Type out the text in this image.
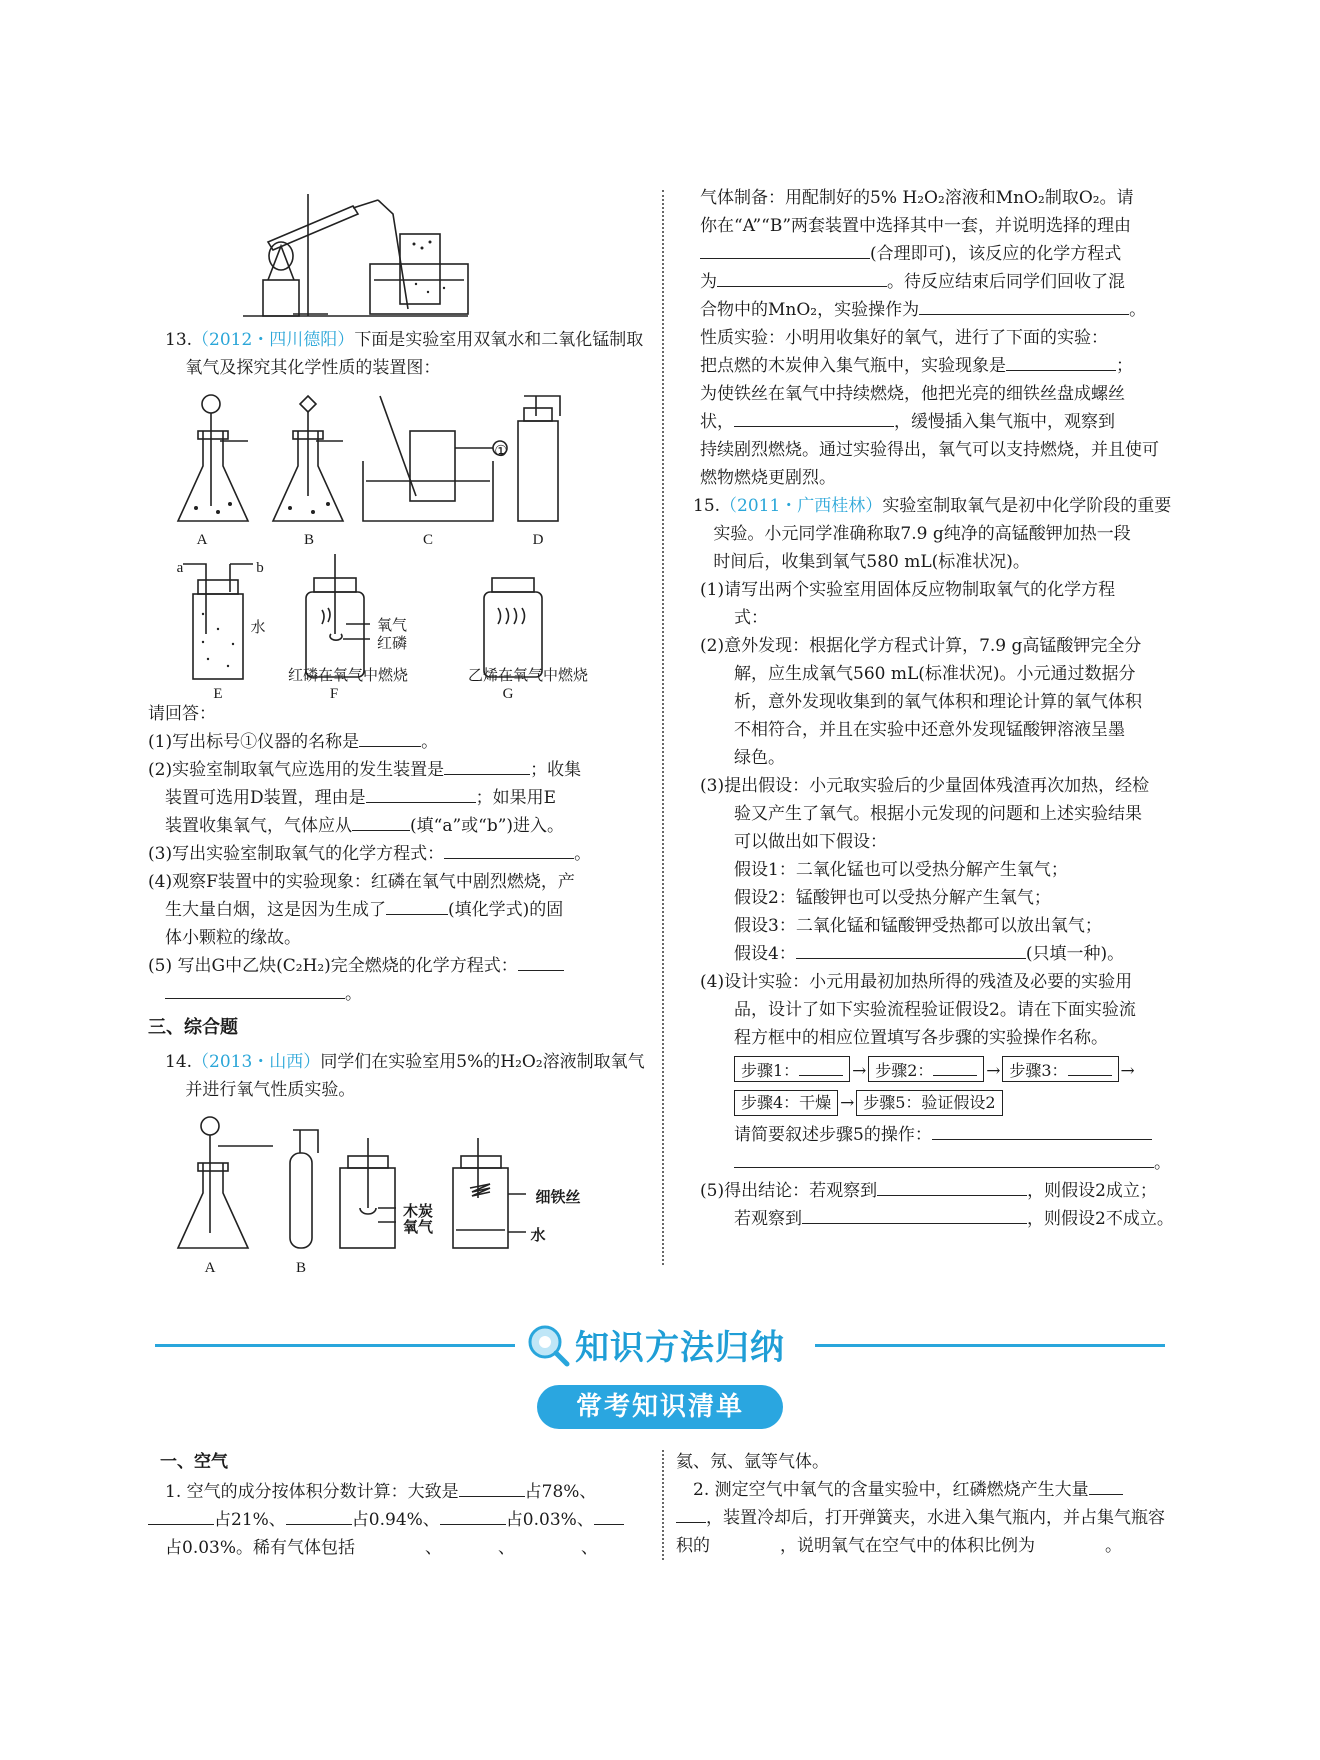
13.（2012・四川德阳）下面是实验室用双氧水和二氧化锰制取
氧气及探究其化学性质的装置图：

A	B	C	D
①
a	b
水	氧气
红磷
E	F	G
红磷在氧气中燃烧	乙烯在氧气中燃烧

请回答：

(1)写出标号①仪器的名称是	。

(2)实验室制取氧气应选用的发生装置是	；收集
装置可选用D装置，理由是	；如果用E
装置收集氧气，气体应从	(填“a”或“b”)进入。

(3)写出实验室制取氧气的化学方程式：	。

(4)观察F装置中的实验现象：红磷在氧气中剧烈燃烧，产
生大量白烟，这是因为生成了	(填化学式)的固
体小颗粒的缘故。

(5) 写出G中乙炔(C₂H₂)完全燃烧的化学方程式：
。

三、综合题

14.（2013・山西）同学们在实验室用5%的H₂O₂溶液制取氧气
并进行氧气性质实验。

A	B
木炭
氧气
细铁丝
水

气体制备：用配制好的5% H₂O₂溶液和MnO₂制取O₂。请
你在“A”“B”两套装置中选择其中一套，并说明选择的理由
(合理即可)，该反应的化学方程式
为	。待反应结束后同学们回收了混
合物中的MnO₂，实验操作为	。
性质实验：小明用收集好的氧气，进行了下面的实验：
把点燃的木炭伸入集气瓶中，实验现象是	；
为使铁丝在氧气中持续燃烧，他把光亮的细铁丝盘成螺丝
状，	，缓慢插入集气瓶中，观察到
持续剧烈燃烧。通过实验得出，氧气可以支持燃烧，并且使可
燃物燃烧更剧烈。

15.（2011・广西桂林）实验室制取氧气是初中化学阶段的重要
实验。小元同学准确称取7.9 g纯净的高锰酸钾加热一段
时间后，收集到氧气580 mL(标准状况)。

(1)请写出两个实验室用固体反应物制取氧气的化学方程
式：

(2)意外发现：根据化学方程式计算，7.9 g高锰酸钾完全分
解，应生成氧气560 mL(标准状况)。小元通过数据分
析，意外发现收集到的氧气体积和理论计算的氧气体积
不相符合，并且在实验中还意外发现锰酸钾溶液呈墨
绿色。

(3)提出假设：小元取实验后的少量固体残渣再次加热，经检
验又产生了氧气。根据小元发现的问题和上述实验结果
可以做出如下假设：
假设1：二氧化锰也可以受热分解产生氧气；
假设2：锰酸钾也可以受热分解产生氧气；
假设3：二氧化锰和锰酸钾受热都可以放出氧气；
假设4：	(只填一种)。

(4)设计实验：小元用最初加热所得的残渣及必要的实验用
品，设计了如下实验流程验证假设2。请在下面实验流
程方框中的相应位置填写各步骤的实验操作名称。

步骤1：	→ 步骤2：	→ 步骤3：	→
步骤4：干燥 → 步骤5：验证假设2

请简要叙述步骤5的操作：
。

(5)得出结论：若观察到	，则假设2成立；
若观察到	，则假设2不成立。

知识方法归纳
常考知识清单

一、空气

1. 空气的成分按体积分数计算：大致是	占78%、
占21%、	占0.94%、	占0.03%、
占0.03%。稀有气体包括	、	、	、

氦、氖、氩等气体。

2. 测定空气中氧气的含量实验中，红磷燃烧产生大量
，装置冷却后，打开弹簧夹，水进入集气瓶内，并占集气瓶容
积的	，说明氧气在空气中的体积比例为	。
